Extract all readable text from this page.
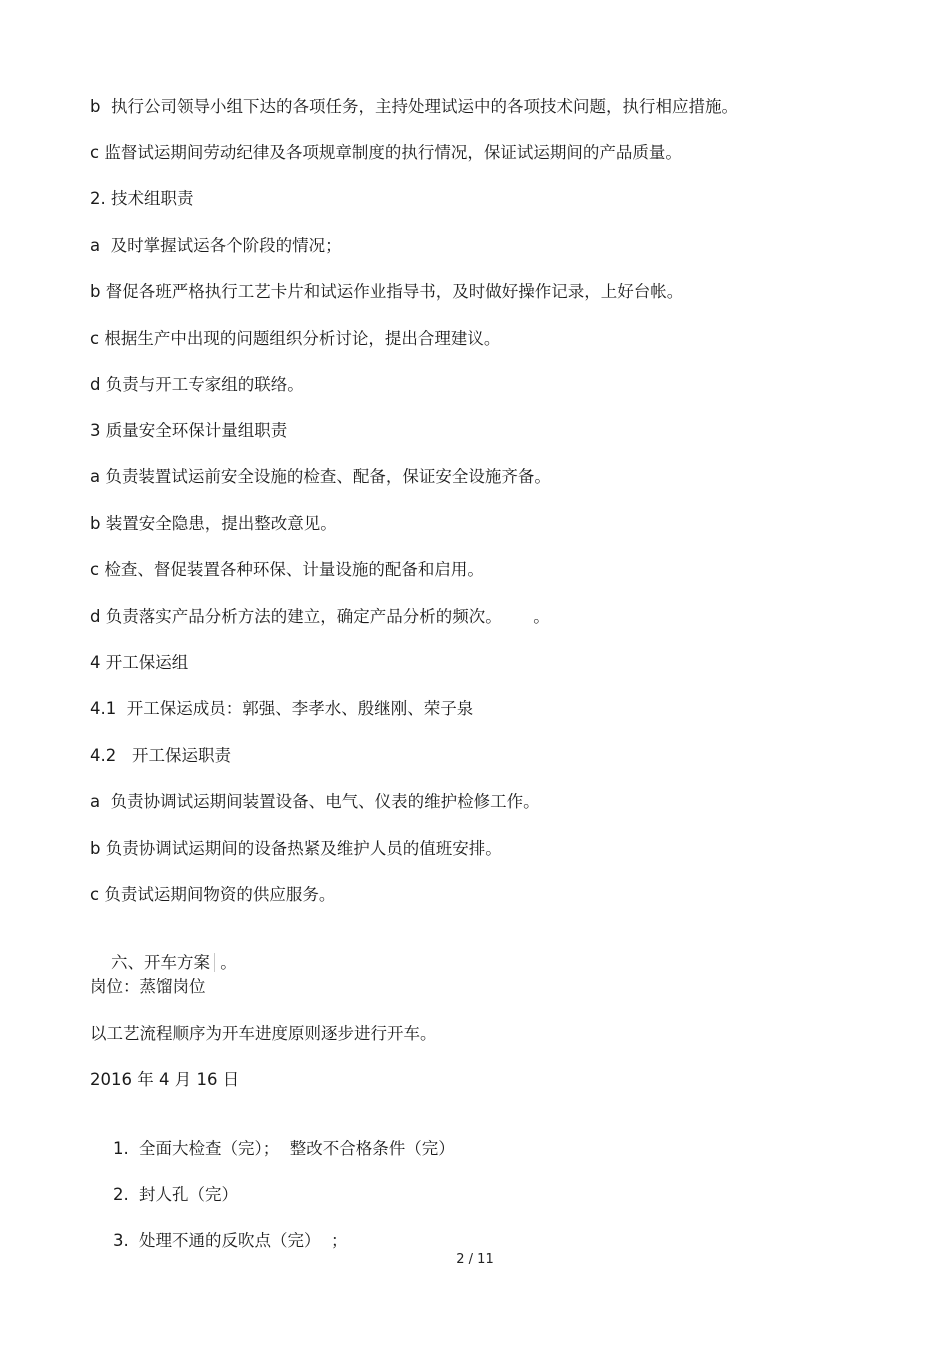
b  执行公司领导小组下达的各项任务，主持处理试运中的各项技术问题，执行相应措施。
c 监督试运期间劳动纪律及各项规章制度的执行情况，保证试运期间的产品质量。
2. 技术组职责
a  及时掌握试运各个阶段的情况；
b 督促各班严格执行工艺卡片和试运作业指导书，及时做好操作记录，上好台帐。
c 根据生产中出现的问题组织分析讨论，提出合理建议。
d 负责与开工专家组的联络。
3 质量安全环保计量组职责
a 负责装置试运前安全设施的检查、配备，保证安全设施齐备。
b 装置安全隐患，提出整改意见。
c 检查、督促装置各种环保、计量设施的配备和启用。
d 负责落实产品分析方法的建立，确定产品分析的频次。      。
4 开工保运组
4.1  开工保运成员：郭强、李孝水、殷继刚、荣子泉
4.2   开工保运职责
a  负责协调试运期间装置设备、电气、仪表的维护检修工作。
b 负责协调试运期间的设备热紧及维护人员的值班安排。
c 负责试运期间物资的供应服务。

六、开车方案 。

岗位：蒸馏岗位
以工艺流程顺序为开车进度原则逐步进行开车。
2016 年 4 月 16 日

1. 全面大检查（完）；  整改不合格条件（完）

2. 封人孔（完）

3. 处理不通的反吹点（完）  ；

2 / 11
